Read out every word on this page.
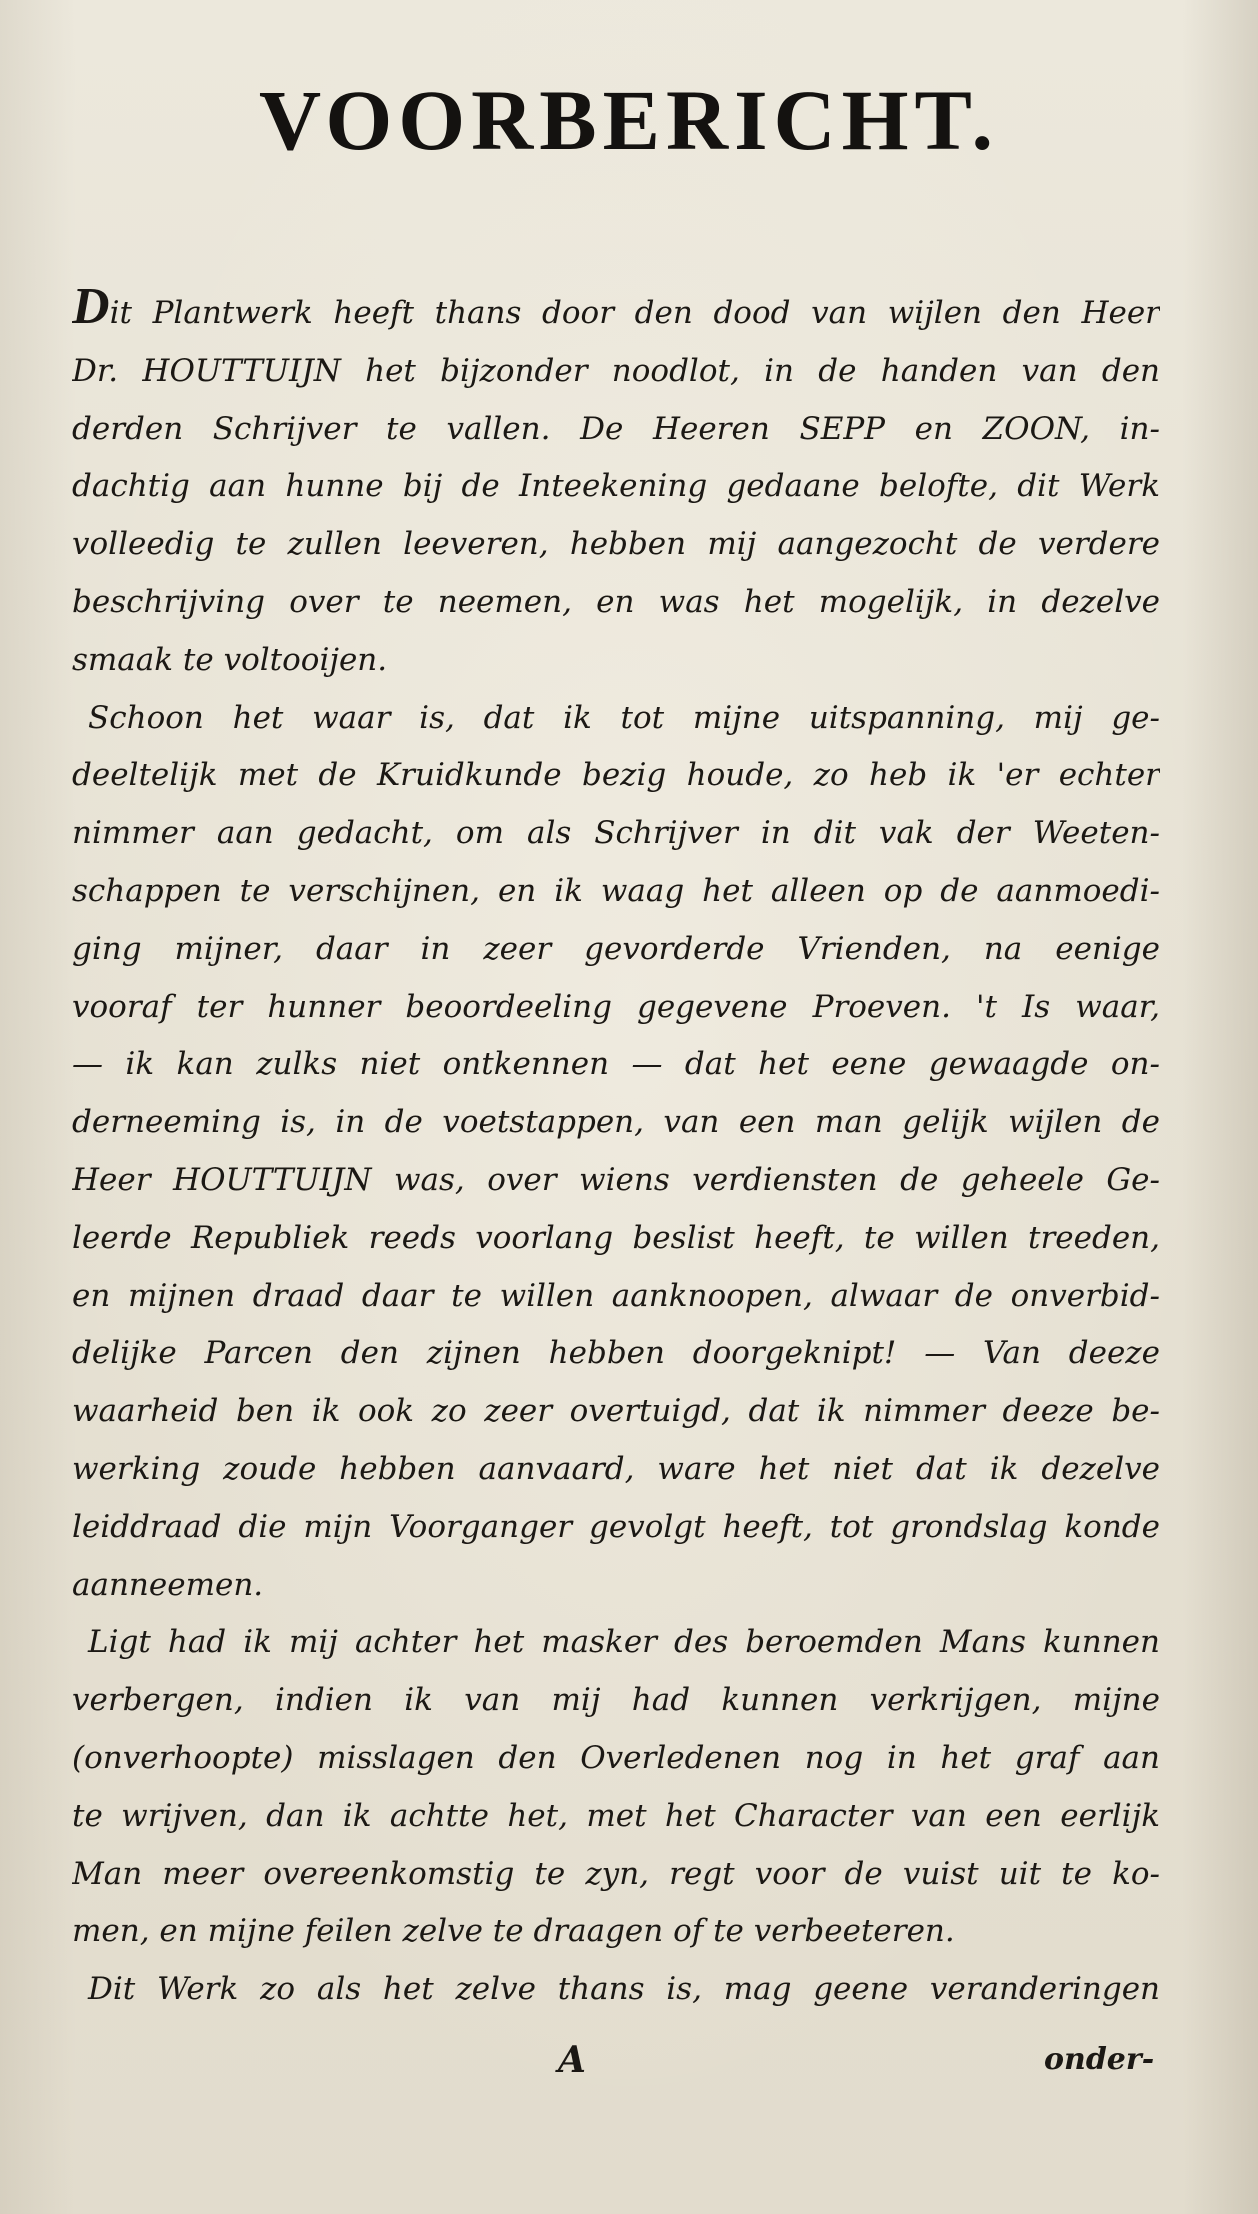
VOORBERICHT.
Dit Plantwerk heeft thans door den dood van wijlen den Heer
Dr. HOUTTUIJN het bijzonder noodlot, in de handen van den
derden Schrijver te vallen. De Heeren SEPP en ZOON, in-
dachtig aan hunne bij de Inteekening gedaane belofte, dit Werk
volleedig te zullen leeveren, hebben mij aangezocht de verdere
beschrijving over te neemen, en was het mogelijk, in dezelve
smaak te voltooijen.
Schoon het waar is, dat ik tot mijne uitspanning, mij ge-
deeltelijk met de Kruidkunde bezig houde, zo heb ik 'er echter
nimmer aan gedacht, om als Schrijver in dit vak der Weeten-
schappen te verschijnen, en ik waag het alleen op de aanmoedi-
ging mijner, daar in zeer gevorderde Vrienden, na eenige
vooraf ter hunner beoordeeling gegevene Proeven. 't Is waar,
— ik kan zulks niet ontkennen — dat het eene gewaagde on-
derneeming is, in de voetstappen, van een man gelijk wijlen de
Heer HOUTTUIJN was, over wiens verdiensten de geheele Ge-
leerde Republiek reeds voorlang beslist heeft, te willen treeden,
en mijnen draad daar te willen aanknoopen, alwaar de onverbid-
delijke Parcen den zijnen hebben doorgeknipt! — Van deeze
waarheid ben ik ook zo zeer overtuigd, dat ik nimmer deeze be-
werking zoude hebben aanvaard, ware het niet dat ik dezelve
leiddraad die mijn Voorganger gevolgt heeft, tot grondslag konde
aanneemen.
Ligt had ik mij achter het masker des beroemden Mans kunnen
verbergen, indien ik van mij had kunnen verkrijgen, mijne
(onverhoopte) misslagen den Overledenen nog in het graf aan
te wrijven, dan ik achtte het, met het Character van een eerlijk
Man meer overeenkomstig te zyn, regt voor de vuist uit te ko-
men, en mijne feilen zelve te draagen of te verbeeteren.
Dit Werk zo als het zelve thans is, mag geene veranderingen
A	onder-
